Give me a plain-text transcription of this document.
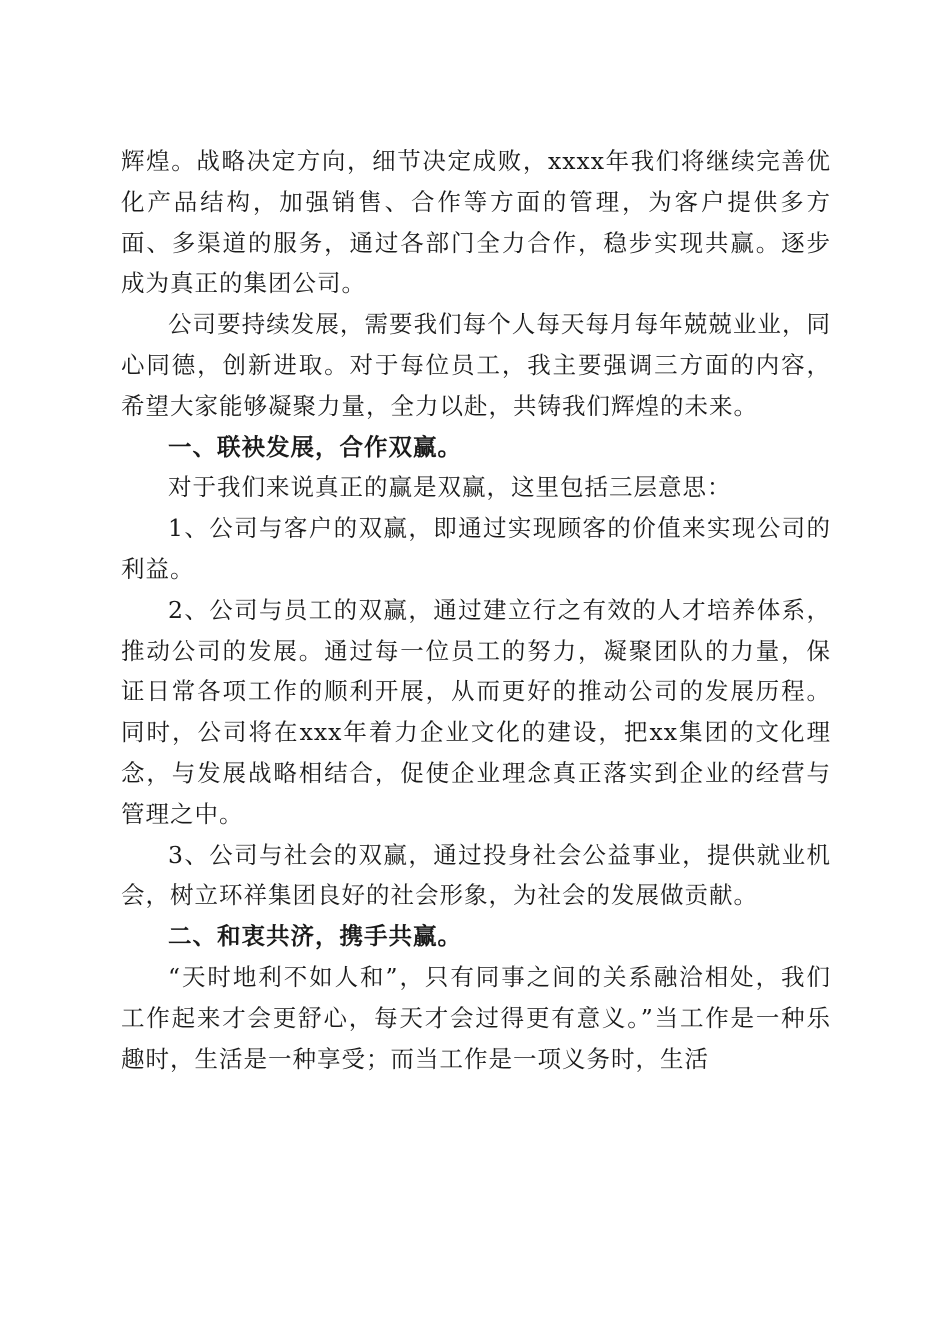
辉煌。战略决定方向，细节决定成败，xxxx年我们将继续完善优化产品结构，加强销售、合作等方面的管理，为客户提供多方面、多渠道的服务，通过各部门全力合作，稳步实现共赢。逐步成为真正的集团公司。

公司要持续发展，需要我们每个人每天每月每年兢兢业业，同心同德，创新进取。对于每位员工，我主要强调三方面的内容，希望大家能够凝聚力量，全力以赴，共铸我们辉煌的未来。

一、联袂发展，合作双赢。

对于我们来说真正的赢是双赢，这里包括三层意思：

1、公司与客户的双赢，即通过实现顾客的价值来实现公司的利益。

2、公司与员工的双赢，通过建立行之有效的人才培养体系，推动公司的发展。通过每一位员工的努力，凝聚团队的力量，保证日常各项工作的顺利开展，从而更好的推动公司的发展历程。同时，公司将在xxx年着力企业文化的建设，把xx集团的文化理念，与发展战略相结合，促使企业理念真正落实到企业的经营与管理之中。

3、公司与社会的双赢，通过投身社会公益事业，提供就业机会，树立环祥集团良好的社会形象，为社会的发展做贡献。

二、和衷共济，携手共赢。

“天时地利不如人和”，只有同事之间的关系融洽相处，我们工作起来才会更舒心，每天才会过得更有意义。”当工作是一种乐趣时，生活是一种享受；而当工作是一项义务时，生活
